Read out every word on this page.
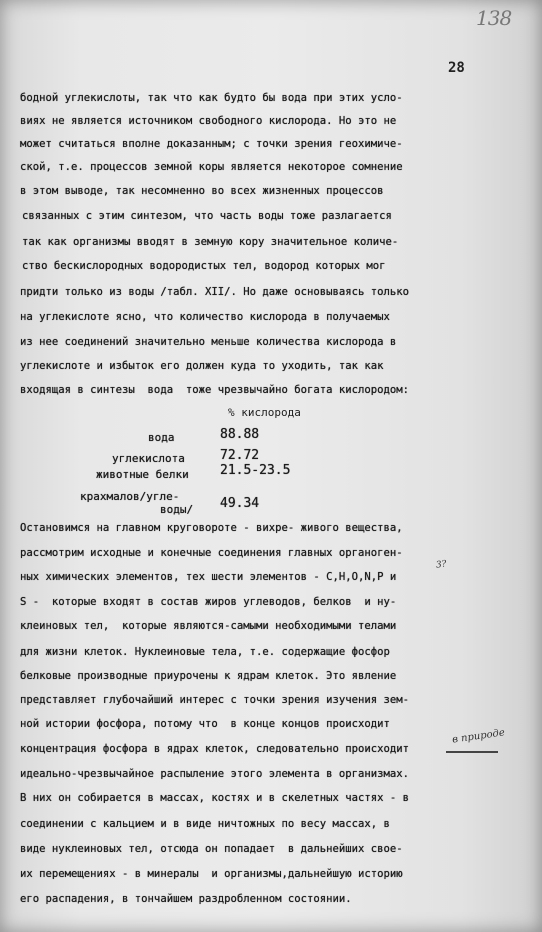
138
28
бодной углекислоты, так что как будто бы вода при этих усло-
виях не является источником свободного кислорода. Но это не
может считаться вполне доказанным; с точки зрения геохимиче-
ской, т.е. процессов земной коры является некоторое сомнение
в этом выводе, так несомненно во всех жизненных процессов
связанных с этим синтезом, что часть воды тоже разлагается
так как организмы вводят в земную кору значительное количе-
ство бескислородных водородистых тел, водород которых мог
придти только из воды /табл. XII/. Но даже основываясь только
на углекислоте ясно, что количество кислорода в получаемых
из нее соединений значительно меньше количества кислорода в
углекислоте и избыток его должен куда то уходить, так как
входящая в синтезы  вода  тоже чрезвычайно богата кислородом:
% кислорода

вода	88.88
углекислота	72.72
животные белки 21.5-23.5
крахмалов/угле-
воды/ 49.34
Остановимся на главном круговороте - вихре- живого вещества,
рассмотрим исходные и конечные соединения главных органоген-
ных химических элементов, тех шести элементов - C,H,O,N,P и
S -  которые входят в состав жиров углеводов, белков  и ну-
клеиновых тел,  которые являются-самыми необходимыми телами
для жизни клеток. Нуклеиновые тела, т.е. содержащие фосфор
белковые производные приурочены к ядрам клеток. Это явление
представляет глубочайший интерес с точки зрения изучения зем-
ной истории фосфора, потому что  в конце концов происходит
концентрация фосфора в ядрах клеток, следовательно происходит
идеально-чрезвычайное распыление этого элемента в организмах.
В них он собирается в массах, костях и в скелетных частях - в
соединении с кальцием и в виде ничтожных по весу массах, в
виде нуклеиновых тел, отсюда он попадает  в дальнейших свое-
их перемещениях - в минералы  и организмы,дальнейшую историю
его распадения, в тончайшем раздробленном состоянии.
3?
в природе
